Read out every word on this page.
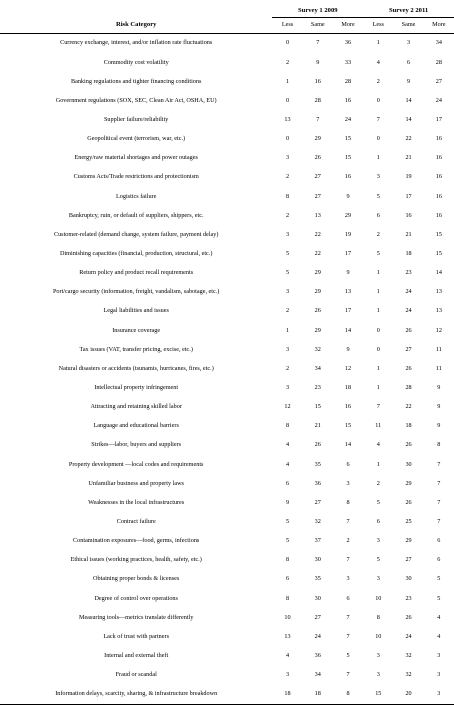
	Survey 1 2009			Survey 2 2011		
Risk Category	Less	Same	More	Less	Same	More
Currency exchange, interest, and/or inflation rate fluctuations	0	7	36	1	3	34
Commodity cost volatility	2	9	33	4	6	28
Banking regulations and tighter financing conditions	1	16	28	2	9	27
Government regulations (SOX, SEC, Clean Air Act, OSHA, EU)	0	28	16	0	14	24
Supplier failure/reliability	13	7	24	7	14	17
Geopolitical event (terrorism, war, etc.)	0	29	15	0	22	16
Energy/raw material shortages and power outages	3	26	15	1	21	16
Customs Acts/Trade restrictions and protectionism	2	27	16	3	19	16
Logistics failure	8	27	9	5	17	16
Bankruptcy, ruin, or default of suppliers, shippers, etc.	2	13	29	6	16	16
Customer-related (demand change, system failure, payment delay)	3	22	19	2	21	15
Diminishing capacities (financial, production, structural, etc.)	5	22	17	5	18	15
Return policy and product recall requirements	5	29	9	1	23	14
Port/cargo security (information, freight, vandalism, sabotage, etc.)	3	29	13	1	24	13
Legal liabilities and issues	2	26	17	1	24	13
Insurance coverage	1	29	14	0	26	12
Tax issues (VAT, transfer pricing, excise, etc.)	3	32	9	0	27	11
Natural disasters or accidents (tsunamis, hurricanes, fires, etc.)	2	34	12	1	26	11
Intellectual property infringement	3	23	18	1	28	9
Attracting and retaining skilled labor	12	15	16	7	22	9
Language and educational barriers	8	21	15	11	18	9
Strikes—labor, buyers and suppliers	4	26	14	4	26	8
Property development —local codes and requirements	4	35	6	1	30	7
Unfamiliar business and property laws	6	36	3	2	29	7
Weaknesses in the local infrastructures	9	27	8	5	26	7
Contract failure	5	32	7	6	25	7
Contamination exposures—food, germs, infections	5	37	2	3	29	6
Ethical issues (working practices, health, safety, etc.)	8	30	7	5	27	6
Obtaining proper bonds & licenses	6	35	3	3	30	5
Degree of control over operations	8	30	6	10	23	5
Measuring tools—metrics translate differently	10	27	7	8	26	4
Lack of trust with partners	13	24	7	10	24	4
Internal and external theft	4	36	5	3	32	3
Fraud or scandal	3	34	7	3	32	3
Information delays, scarcity, sharing, & infrastructure breakdown	18	18	8	15	20	3
